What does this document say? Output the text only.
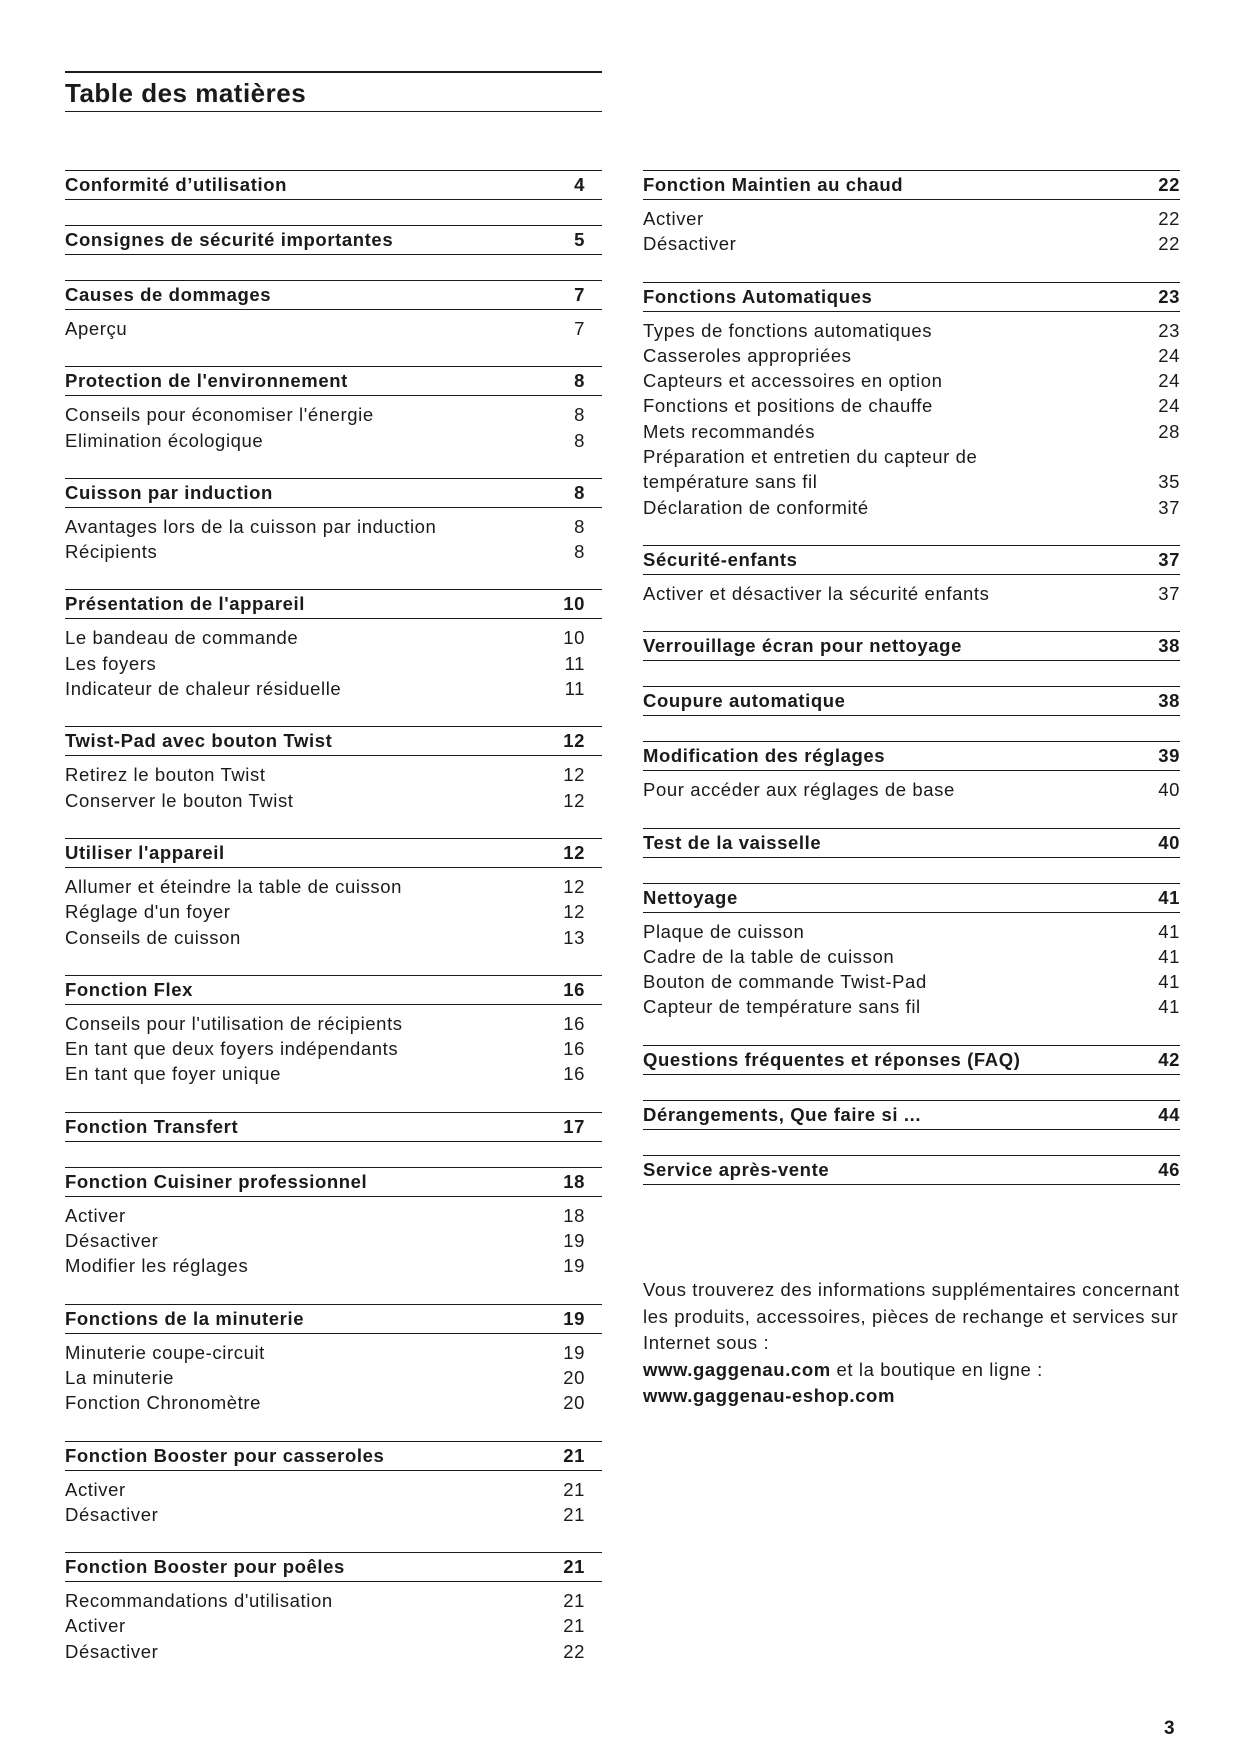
Table des matières
Conformité d’utilisation	4
Consignes de sécurité importantes	5
Causes de dommages	7
Aperçu	7
Protection de l'environnement	8
Conseils pour économiser l'énergie	8
Elimination écologique	8
Cuisson par induction	8
Avantages lors de la cuisson par induction	8
Récipients	8
Présentation de l'appareil	10
Le bandeau de commande	10
Les foyers	11
Indicateur de chaleur résiduelle	11
Twist-Pad avec bouton Twist	12
Retirez le bouton Twist	12
Conserver le bouton Twist	12
Utiliser l'appareil	12
Allumer et éteindre la table de cuisson	12
Réglage d'un foyer	12
Conseils de cuisson	13
Fonction Flex	16
Conseils pour l'utilisation de récipients	16
En tant que deux foyers indépendants	16
En tant que foyer unique	16
Fonction Transfert	17
Fonction Cuisiner professionnel	18
Activer	18
Désactiver	19
Modifier les réglages	19
Fonctions de la minuterie	19
Minuterie coupe-circuit	19
La minuterie	20
Fonction Chronomètre	20
Fonction Booster pour casseroles	21
Activer	21
Désactiver	21
Fonction Booster pour poêles	21
Recommandations d'utilisation	21
Activer	21
Désactiver	22
Fonction Maintien au chaud	22
Activer	22
Désactiver	22
Fonctions Automatiques	23
Types de fonctions automatiques	23
Casseroles appropriées	24
Capteurs et accessoires en option	24
Fonctions et positions de chauffe	24
Mets recommandés	28
Préparation et entretien du capteur de température sans fil	35
Déclaration de conformité	37
Sécurité-enfants	37
Activer et désactiver la sécurité enfants	37
Verrouillage écran pour nettoyage	38
Coupure automatique	38
Modification des réglages	39
Pour accéder aux réglages de base	40
Test de la vaisselle	40
Nettoyage	41
Plaque de cuisson	41
Cadre de la table de cuisson	41
Bouton de commande Twist-Pad	41
Capteur de température sans fil	41
Questions fréquentes et réponses (FAQ)	42
Dérangements, Que faire si ...	44
Service après-vente	46
Vous trouverez des informations supplémentaires concernant les produits, accessoires, pièces de rechange et services sur Internet sous :
www.gaggenau.com et la boutique en ligne :
www.gaggenau-eshop.com
3
